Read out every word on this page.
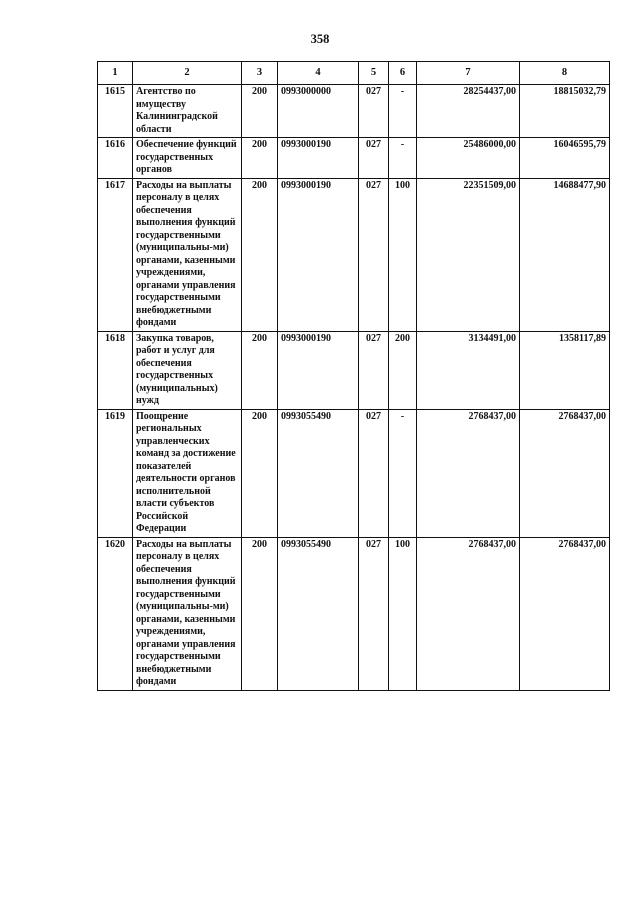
358
1	2	3	4	5	6	7	8
1615	Агентство по имуществу Калининградской области	200	0993000000	027	-	28254437,00	18815032,79
1616	Обеспечение функций государственных органов	200	0993000190	027	-	25486000,00	16046595,79
1617	Расходы на выплаты персоналу в целях обеспечения выполнения функций государственными (муниципальны-ми) органами, казенными учреждениями, органами управления государственными внебюджетными фондами	200	0993000190	027	100	22351509,00	14688477,90
1618	Закупка товаров, работ и услуг для обеспечения государственных (муниципальных) нужд	200	0993000190	027	200	3134491,00	1358117,89
1619	Поощрение региональных управленческих команд за достижение показателей деятельности органов исполнительной власти субъектов Российской Федерации	200	0993055490	027	-	2768437,00	2768437,00
1620	Расходы на выплаты персоналу в целях обеспечения выполнения функций государственными (муниципальны-ми) органами, казенными учреждениями, органами управления государственными внебюджетными фондами	200	0993055490	027	100	2768437,00	2768437,00
